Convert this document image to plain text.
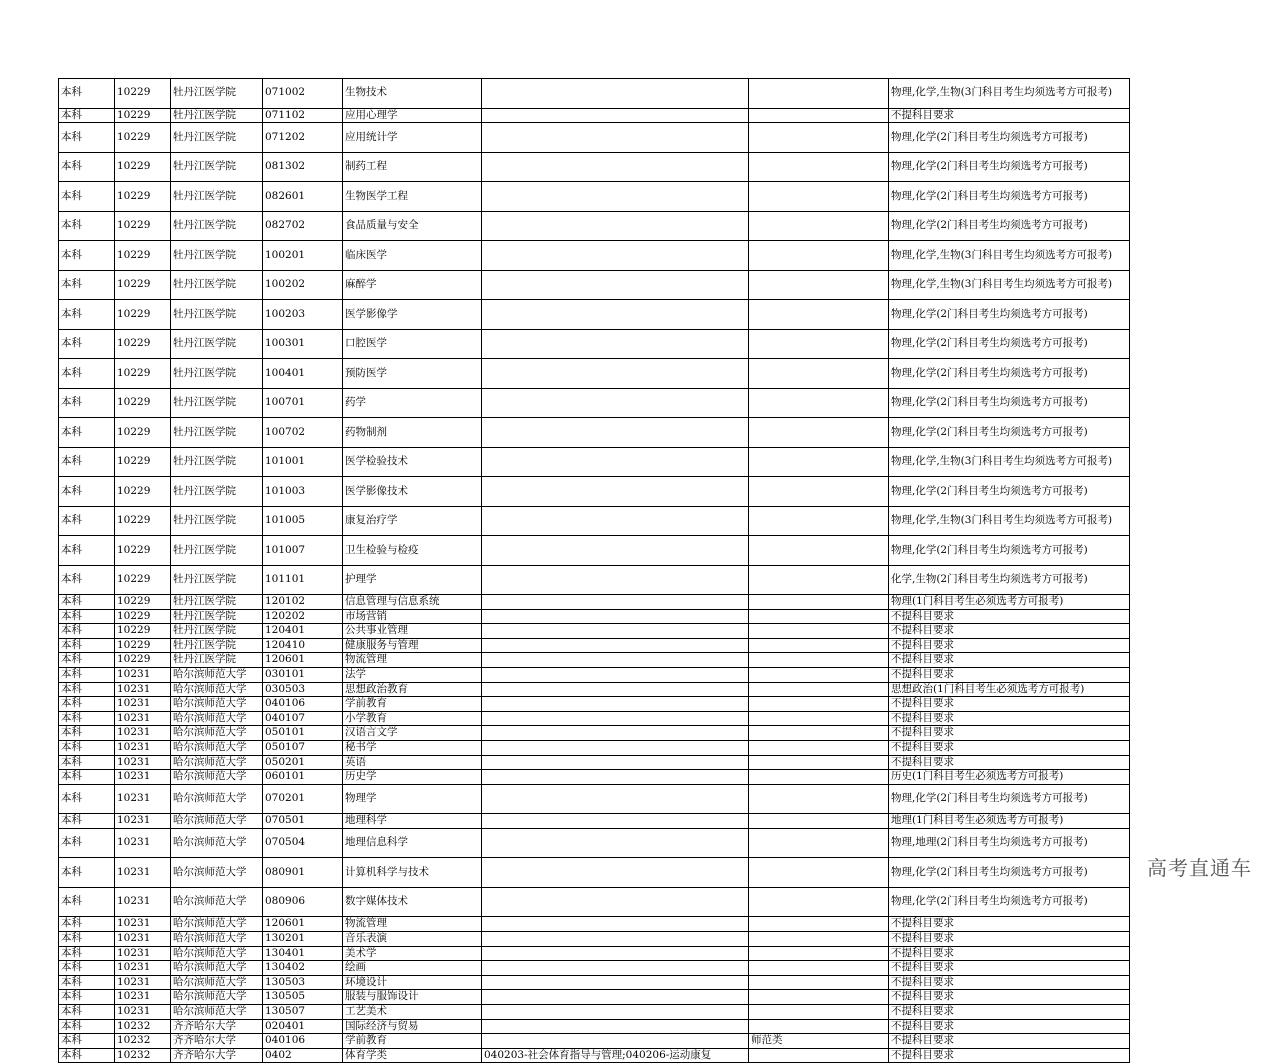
本科	10229	牡丹江医学院	071002	生物技术			物理,化学,生物(3门科目考生均须选考方可报考)
本科	10229	牡丹江医学院	071102	应用心理学			不提科目要求
本科	10229	牡丹江医学院	071202	应用统计学			物理,化学(2门科目考生均须选考方可报考)
本科	10229	牡丹江医学院	081302	制药工程			物理,化学(2门科目考生均须选考方可报考)
本科	10229	牡丹江医学院	082601	生物医学工程			物理,化学(2门科目考生均须选考方可报考)
本科	10229	牡丹江医学院	082702	食品质量与安全			物理,化学(2门科目考生均须选考方可报考)
本科	10229	牡丹江医学院	100201	临床医学			物理,化学,生物(3门科目考生均须选考方可报考)
本科	10229	牡丹江医学院	100202	麻醉学			物理,化学,生物(3门科目考生均须选考方可报考)
本科	10229	牡丹江医学院	100203	医学影像学			物理,化学(2门科目考生均须选考方可报考)
本科	10229	牡丹江医学院	100301	口腔医学			物理,化学(2门科目考生均须选考方可报考)
本科	10229	牡丹江医学院	100401	预防医学			物理,化学(2门科目考生均须选考方可报考)
本科	10229	牡丹江医学院	100701	药学			物理,化学(2门科目考生均须选考方可报考)
本科	10229	牡丹江医学院	100702	药物制剂			物理,化学(2门科目考生均须选考方可报考)
本科	10229	牡丹江医学院	101001	医学检验技术			物理,化学,生物(3门科目考生均须选考方可报考)
本科	10229	牡丹江医学院	101003	医学影像技术			物理,化学(2门科目考生均须选考方可报考)
本科	10229	牡丹江医学院	101005	康复治疗学			物理,化学,生物(3门科目考生均须选考方可报考)
本科	10229	牡丹江医学院	101007	卫生检验与检疫			物理,化学(2门科目考生均须选考方可报考)
本科	10229	牡丹江医学院	101101	护理学			化学,生物(2门科目考生均须选考方可报考)
本科	10229	牡丹江医学院	120102	信息管理与信息系统			物理(1门科目考生必须选考方可报考)
本科	10229	牡丹江医学院	120202	市场营销			不提科目要求
本科	10229	牡丹江医学院	120401	公共事业管理			不提科目要求
本科	10229	牡丹江医学院	120410	健康服务与管理			不提科目要求
本科	10229	牡丹江医学院	120601	物流管理			不提科目要求
本科	10231	哈尔滨师范大学	030101	法学			不提科目要求
本科	10231	哈尔滨师范大学	030503	思想政治教育			思想政治(1门科目考生必须选考方可报考)
本科	10231	哈尔滨师范大学	040106	学前教育			不提科目要求
本科	10231	哈尔滨师范大学	040107	小学教育			不提科目要求
本科	10231	哈尔滨师范大学	050101	汉语言文学			不提科目要求
本科	10231	哈尔滨师范大学	050107	秘书学			不提科目要求
本科	10231	哈尔滨师范大学	050201	英语			不提科目要求
本科	10231	哈尔滨师范大学	060101	历史学			历史(1门科目考生必须选考方可报考)
本科	10231	哈尔滨师范大学	070201	物理学			物理,化学(2门科目考生均须选考方可报考)
本科	10231	哈尔滨师范大学	070501	地理科学			地理(1门科目考生必须选考方可报考)
本科	10231	哈尔滨师范大学	070504	地理信息科学			物理,地理(2门科目考生均须选考方可报考)
本科	10231	哈尔滨师范大学	080901	计算机科学与技术			物理,化学(2门科目考生均须选考方可报考)
本科	10231	哈尔滨师范大学	080906	数字媒体技术			物理,化学(2门科目考生均须选考方可报考)
本科	10231	哈尔滨师范大学	120601	物流管理			不提科目要求
本科	10231	哈尔滨师范大学	130201	音乐表演			不提科目要求
本科	10231	哈尔滨师范大学	130401	美术学			不提科目要求
本科	10231	哈尔滨师范大学	130402	绘画			不提科目要求
本科	10231	哈尔滨师范大学	130503	环境设计			不提科目要求
本科	10231	哈尔滨师范大学	130505	服装与服饰设计			不提科目要求
本科	10231	哈尔滨师范大学	130507	工艺美术			不提科目要求
本科	10232	齐齐哈尔大学	020401	国际经济与贸易			不提科目要求
本科	10232	齐齐哈尔大学	040106	学前教育		师范类	不提科目要求
本科	10232	齐齐哈尔大学	0402	体育学类	040203-社会体育指导与管理;040206-运动康复		不提科目要求
高考直通车
